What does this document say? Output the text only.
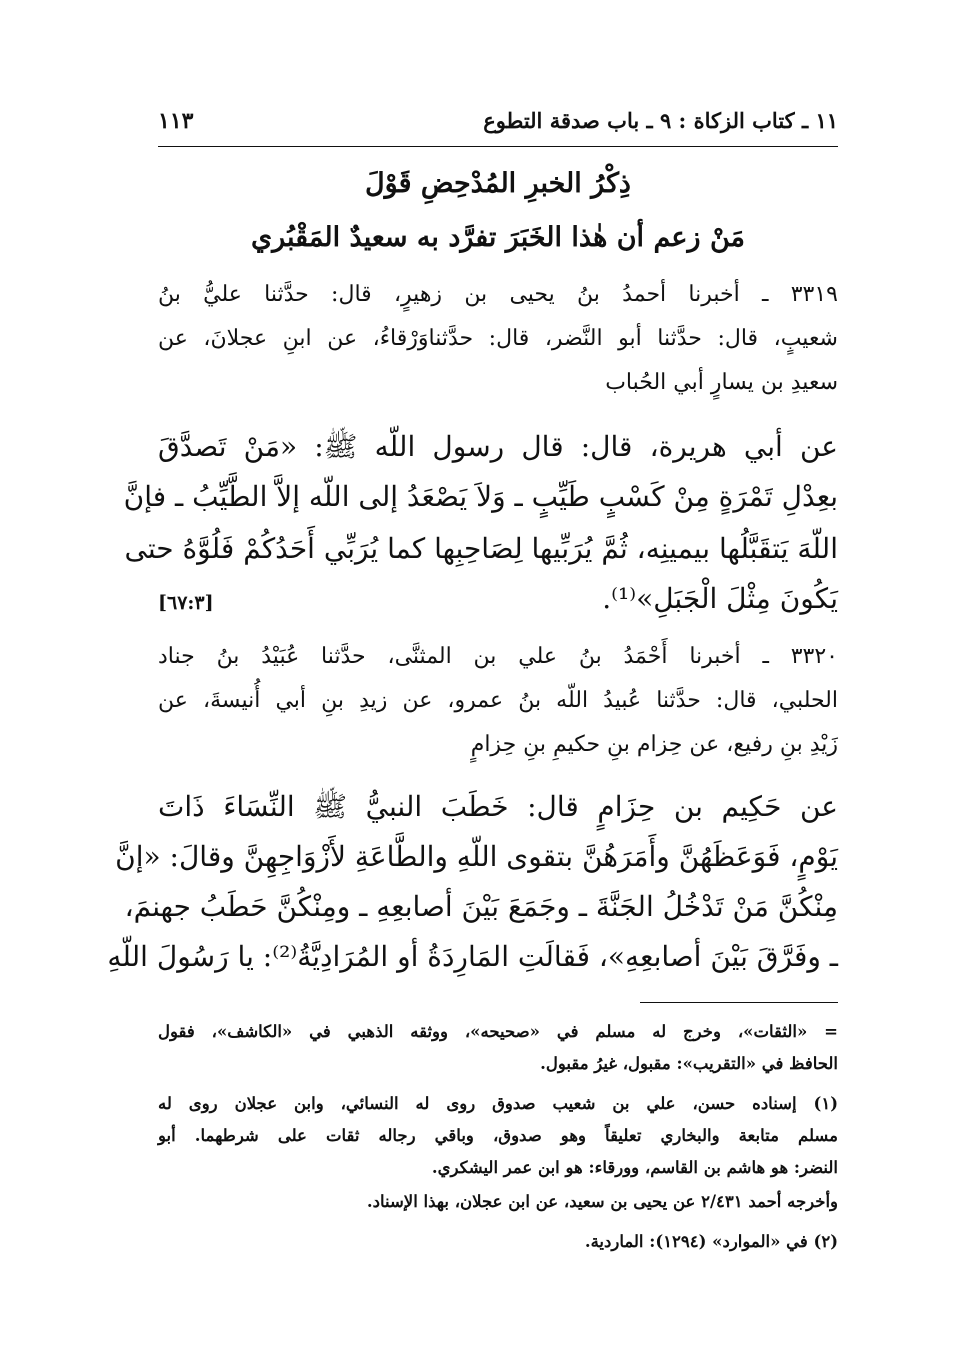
١١ ـ كتاب الزكاة : ٩ ـ باب صدقة التطوع
١١٣
ذِكْرُ الخبرِ المُدْحِضِ قَوْلَ
مَنْ زعم أن هٰذا الخَبَرَ تفرَّد به سعيدٌ المَقْبُري
٣٣١٩ ـ أخبرنا أحمدُ بنُ يحيى بن زهيرٍ، قال: حدَّثنا عليُّ بنُ
شعيبٍ، قال: حدَّثنا أبو النَّضر، قال: حدَّثناوَرْقاءُ، عن ابنِ عجلانَ، عن
سعيدِ بن يسارٍ أبي الحُباب
عن أبي هريرة، قال: قال رسول اللّه ﷺ: «مَنْ تَصدَّقَ
بعِدْلِ تَمْرَةٍ مِنْ كَسْبٍ طَيِّبٍ ـ وَلاَ يَصْعَدُ إلى اللّه إلاَّ الطَّيِّبُ ـ فإنَّ
اللّهَ يَتقَبَّلُها بيمينِه، ثُمَّ يُرَبِّيها لِصَاحِبِها كما يُرَبِّي أَحَدُكُمْ فَلُوَّهُ حتى
يَكُونَ مِثْلَ الْجَبَلِ»⁽¹⁾.
[٦٧:٣]
٣٣٢٠ ـ أخبرنا أَحْمَدُ بنُ علي بن المثنَّى، حدَّثنا عُبَيْدُ بنُ جناد
الحلبي، قال: حدَّثنا عُبيدُ اللّه بنُ عمرو، عن زيدِ بنِ أبي أُنيسةَ، عن
زَيْدِ بنِ رفيع، عن حِزام بنِ حكيمِ بنِ حِزامٍ
عن حَكِيم بن حِزَامٍ قال: خَطَبَ النبيُّ ﷺ النِّسَاءَ ذَاتَ
يَوْمٍ، فَوَعَظَهُنَّ وأَمَرَهُنَّ بتقوى اللّهِ والطَّاعَةِ لأَزْوَاجِهِنَّ وقالَ: «إنَّ
مِنْكُنَّ مَنْ تَدْخُلُ الجَنَّةَ ـ وجَمَعَ بَيْنَ أصابعِهِ ـ ومِنْكُنَّ حَطَبُ جهنمَ،
ـ وفَرَّقَ بَيْنَ أصابعِهِ»، فَقالَتِ المَارِدَةُ أو المُرَادِيَّةُ⁽²⁾: يا رَسُولَ اللّهِ
= «الثقات»، وخرج له مسلم في «صحيحه»، ووثقه الذهبي في «الكاشف»، فقول
الحافظ في «التقريب»: مقبول، غيرُ مقبول.
(١) إسناده حسن، علي بن شعيب صدوق روى له النسائي، وابن عجلان روى له
مسلم متابعة والبخاري تعليقاً وهو صدوق، وباقي رجاله ثقات على شرطهما. أبو
النضر: هو هاشم بن القاسم، وورقاء: هو ابن عمر اليشكري.
وأخرجه أحمد ٢/٤٣١ عن يحيى بن سعيد، عن ابن عجلان، بهذا الإسناد.
(٢) في «الموارد» (١٢٩٤): الماردية.
